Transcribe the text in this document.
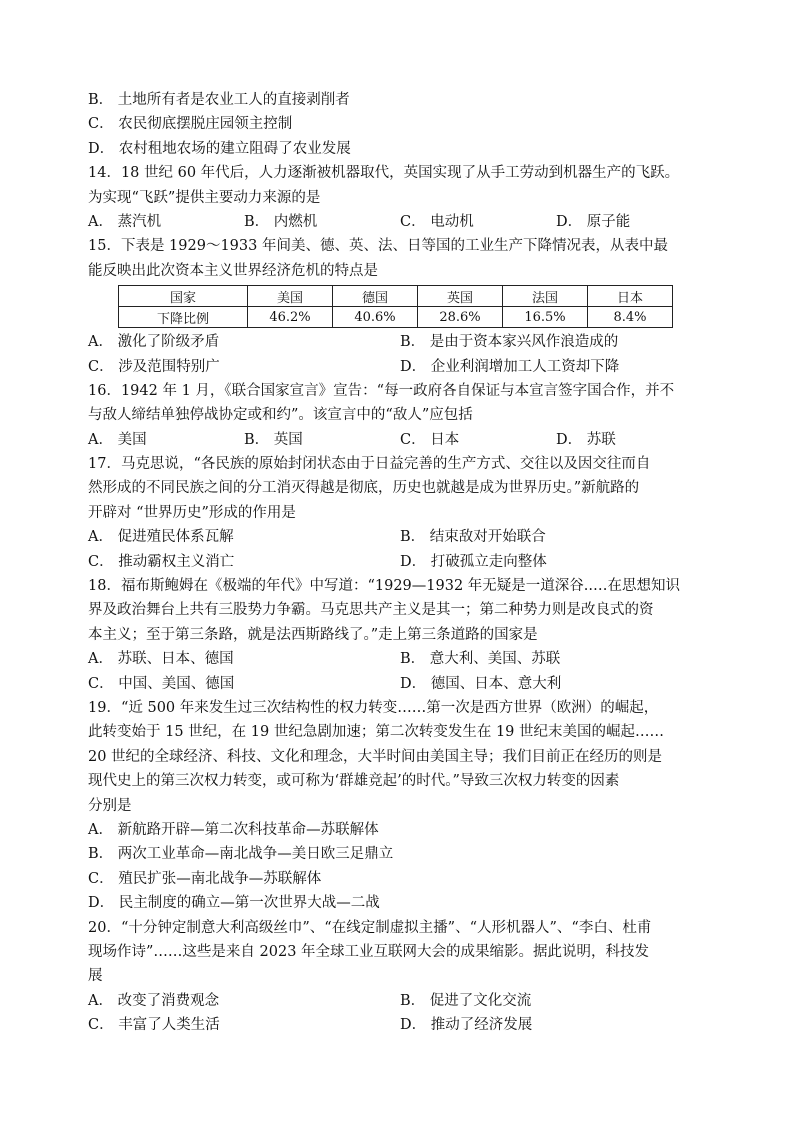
B． 土地所有者是农业工人的直接剥削者
C． 农民彻底摆脱庄园领主控制
D． 农村租地农场的建立阻碍了农业发展
14．18 世纪 60 年代后，人力逐渐被机器取代，英国实现了从手工劳动到机器生产的飞跃。
为实现“飞跃”提供主要动力来源的是
A． 蒸汽机	B． 内燃机	C． 电动机	D． 原子能
15．下表是 1929～1933 年间美、德、英、法、日等国的工业生产下降情况表，从表中最
能反映出此次资本主义世界经济危机的特点是
国家	美国	德国	英国	法国	日本
下降比例	46.2%	40.6%	28.6%	16.5%	8.4%
A． 激化了阶级矛盾	B． 是由于资本家兴风作浪造成的
C． 涉及范围特别广	D． 企业利润增加工人工资却下降
16．1942 年 1 月，《联合国家宣言》宣告：“每一政府各自保证与本宣言签字国合作，并不
与敌人缔结单独停战协定或和约”。该宣言中的“敌人”应包括
A． 美国	B． 英国	C． 日本	D． 苏联
17．马克思说，“各民族的原始封闭状态由于日益完善的生产方式、交往以及因交往而自
然形成的不同民族之间的分工消灭得越是彻底，历史也就越是成为世界历史。”新航路的
开辟对 “世界历史”形成的作用是
A． 促进殖民体系瓦解	B． 结束敌对开始联合
C． 推动霸权主义消亡	D． 打破孤立走向整体
18．福布斯鲍姆在《极端的年代》中写道：“1929—1932 年无疑是一道深谷..…在思想知识
界及政治舞台上共有三股势力争霸。马克思共产主义是其一；第二种势力则是改良式的资
本主义；至于第三条路，就是法西斯路线了。”走上第三条道路的国家是
A． 苏联、日本、德国	B． 意大利、美国、苏联
C． 中国、美国、德国	D． 德国、日本、意大利
19．“近 500 年来发生过三次结构性的权力转变……第一次是西方世界（欧洲）的崛起，
此转变始于 15 世纪，在 19 世纪急剧加速；第二次转变发生在 19 世纪末美国的崛起……
20 世纪的全球经济、科技、文化和理念，大半时间由美国主导；我们目前正在经历的则是
现代史上的第三次权力转变，或可称为‘群雄竞起’的时代。”导致三次权力转变的因素
分别是
A． 新航路开辟—第二次科技革命—苏联解体
B． 两次工业革命—南北战争—美日欧三足鼎立
C． 殖民扩张—南北战争—苏联解体
D． 民主制度的确立—第一次世界大战—二战
20．“十分钟定制意大利高级丝巾”、“在线定制虚拟主播”、“人形机器人”、“李白、杜甫
现场作诗”……这些是来自 2023 年全球工业互联网大会的成果缩影。据此说明，科技发
展
A． 改变了消费观念	B． 促进了文化交流
C． 丰富了人类生活	D． 推动了经济发展
